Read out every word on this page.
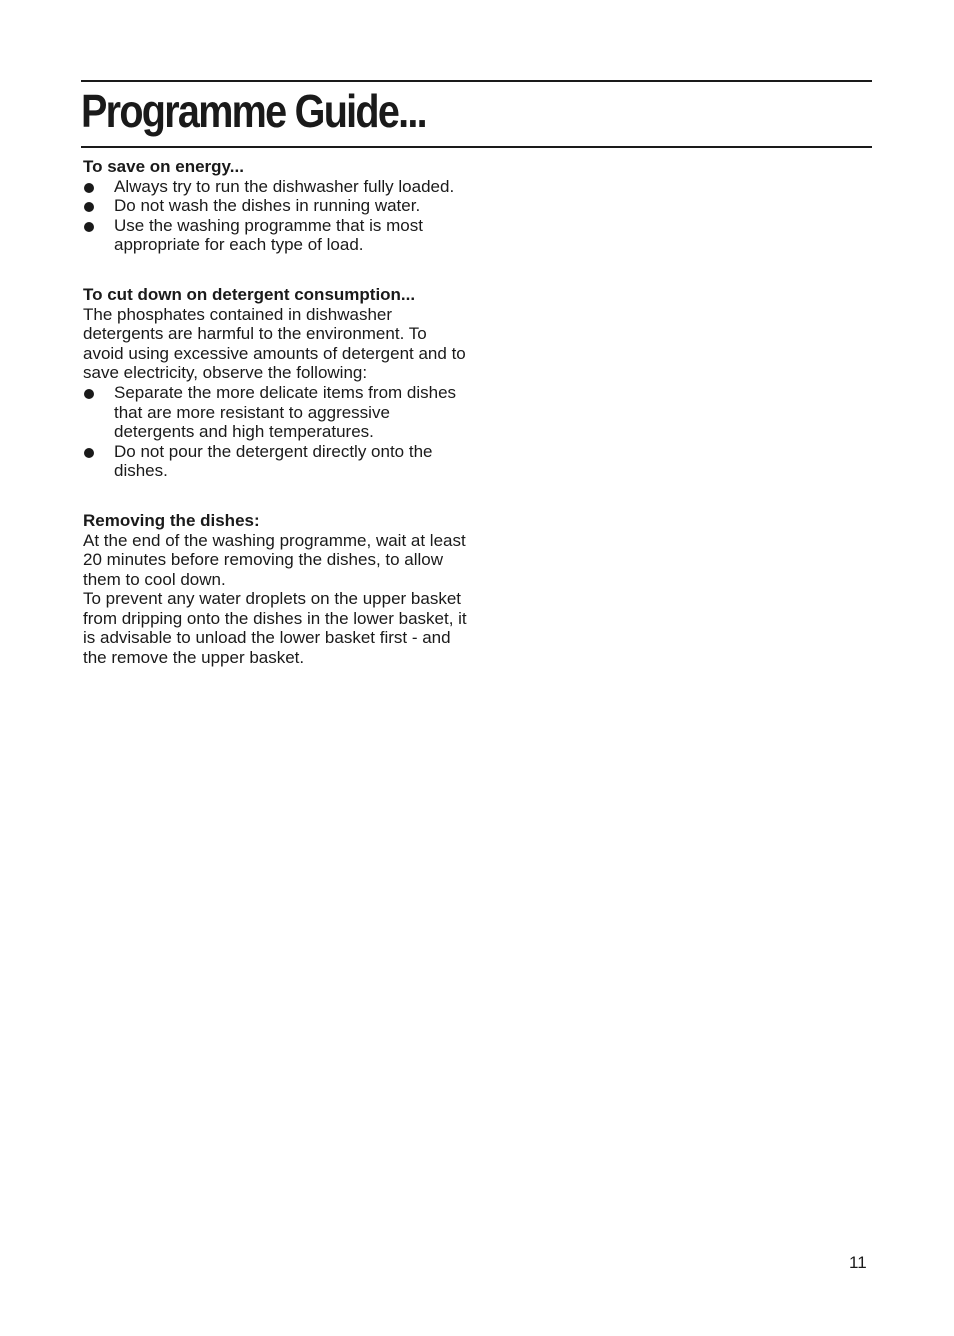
Programme Guide...

To save on energy...

Always try to run the dishwasher fully loaded.
Do not wash the dishes in running water.
Use the washing programme that is most appropriate for each type of load.

To cut down on detergent consumption...

The phosphates contained in dishwasher detergents are harmful to the environment. To avoid using excessive amounts of detergent and to save electricity, observe the following:

Separate the more delicate items from dishes that are more resistant to aggressive detergents and high temperatures.
Do not pour the detergent directly onto the dishes.

Removing the dishes:

At the end of the washing programme, wait at least 20 minutes before removing the dishes, to allow them to cool down.

To prevent any water droplets on the upper basket from dripping onto the dishes in the lower basket, it is advisable to unload the lower basket first - and the remove the upper basket.

11
